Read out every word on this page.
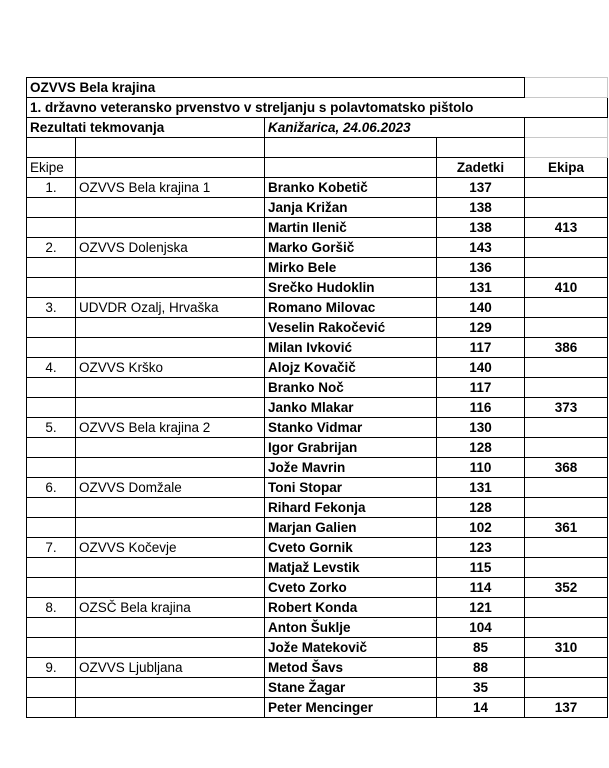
OZVVS Bela krajina				
1. državno veteransko prvenstvo v streljanju s polavtomatsko pištolo				
Rezultati tekmovanja		Kanižarica, 24.06.2023		

Ekipe			Zadetki	Ekipa
1.	OZVVS Bela krajina 1	Branko Kobetič	137	
		Janja Križan	138	
		Martin Ilenič	138	413
2.	OZVVS Dolenjska	Marko Goršič	143	
		Mirko Bele	136	
		Srečko Hudoklin	131	410
3.	UDVDR Ozalj, Hrvaška	Romano Milovac	140	
		Veselin Rakočević	129	
		Milan Ivković	117	386
4.	OZVVS Krško	Alojz Kovačič	140	
		Branko Noč	117	
		Janko Mlakar	116	373
5.	OZVVS Bela krajina 2	Stanko Vidmar	130	
		Igor Grabrijan	128	
		Jože Mavrin	110	368
6.	OZVVS Domžale	Toni Stopar	131	
		Rihard Fekonja	128	
		Marjan Galien	102	361
7.	OZVVS Kočevje	Cveto Gornik	123	
		Matjaž Levstik	115	
		Cveto Zorko	114	352
8.	OZSČ Bela krajina	Robert Konda	121	
		Anton Šuklje	104	
		Jože Matekovič	85	310
9.	OZVVS Ljubljana	Metod Šavs	88	
		Stane Žagar	35	
		Peter Mencinger	14	137
